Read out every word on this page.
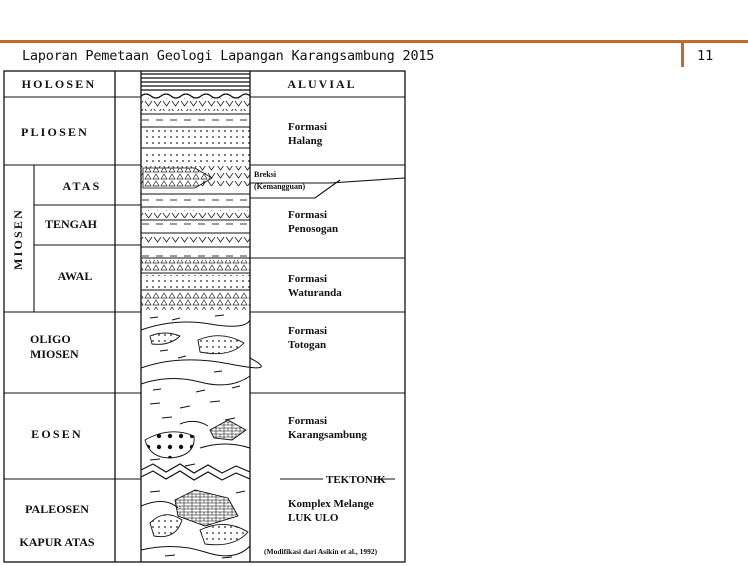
Laporan Pemetaan Geologi Lapangan Karangsambung 2015	11
HOLOSEN
PLIOSEN
MIOSEN
ATAS
TENGAH
AWAL
OLIGO
MIOSEN
EOSEN
PALEOSEN
KAPUR ATAS
ALUVIAL
Formasi
Halang
Breksi
(Kemangguan)
Formasi
Penosogan
Formasi
Waturanda
Formasi
Totogan
Formasi
Karangsambung
TEKTONIK
Komplex Melange
LUK ULO
(Modifikasi dari Asikin et al., 1992)
